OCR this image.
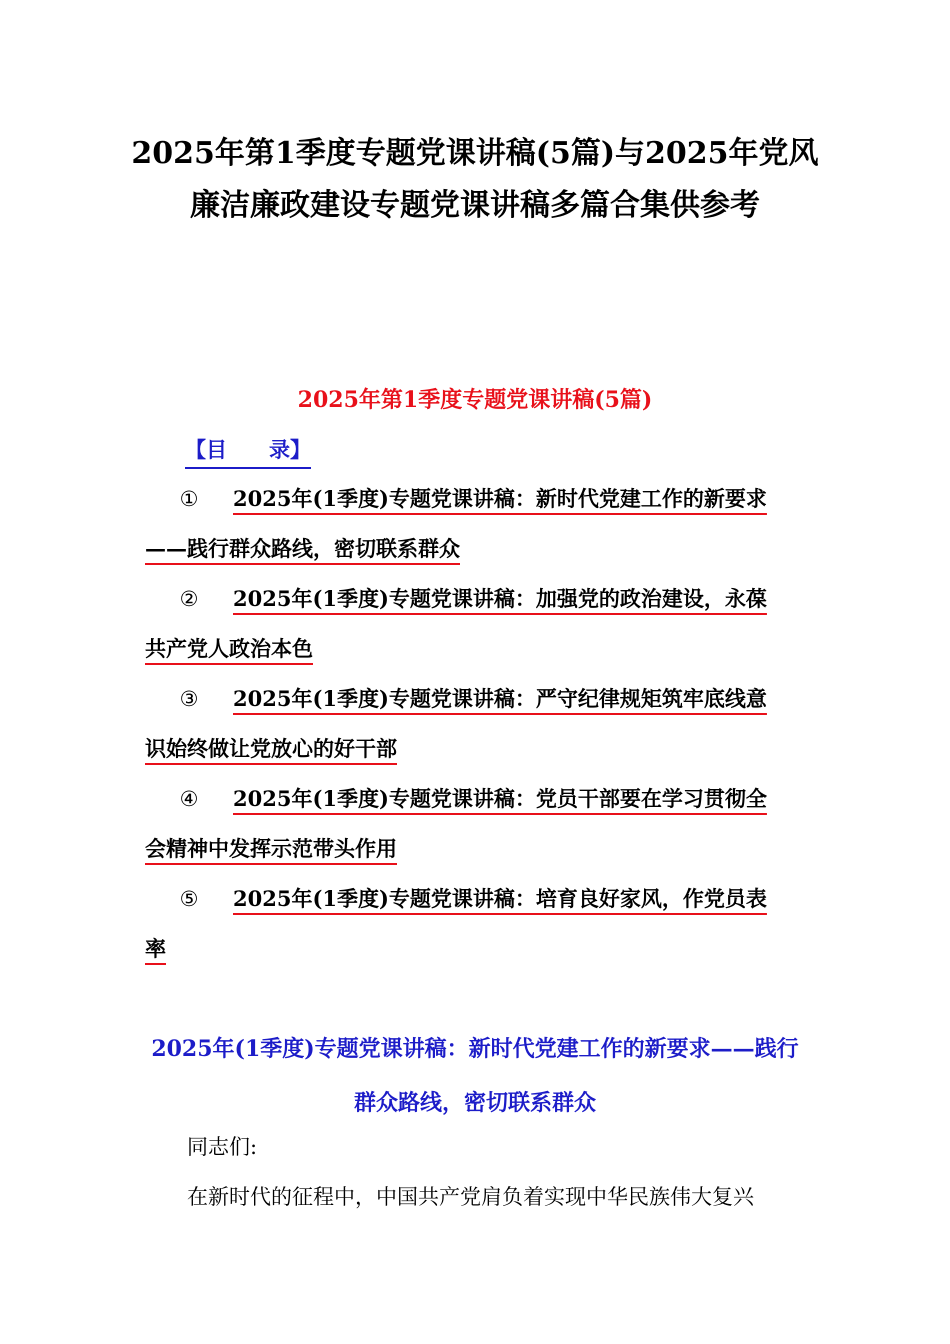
2025年第1季度专题党课讲稿(5篇)与2025年党风
廉洁廉政建设专题党课讲稿多篇合集供参考
2025年第1季度专题党课讲稿(5篇)
【目 录】
① 2025年(1季度)专题党课讲稿：新时代党建工作的新要求
——践行群众路线，密切联系群众
② 2025年(1季度)专题党课讲稿：加强党的政治建设，永葆
共产党人政治本色
③ 2025年(1季度)专题党课讲稿：严守纪律规矩筑牢底线意
识始终做让党放心的好干部
④ 2025年(1季度)专题党课讲稿：党员干部要在学习贯彻全
会精神中发挥示范带头作用
⑤ 2025年(1季度)专题党课讲稿：培育良好家风，作党员表
率
2025年(1季度)专题党课讲稿：新时代党建工作的新要求——践行
群众路线，密切联系群众
同志们:
在新时代的征程中，中国共产党肩负着实现中华民族伟大复兴
